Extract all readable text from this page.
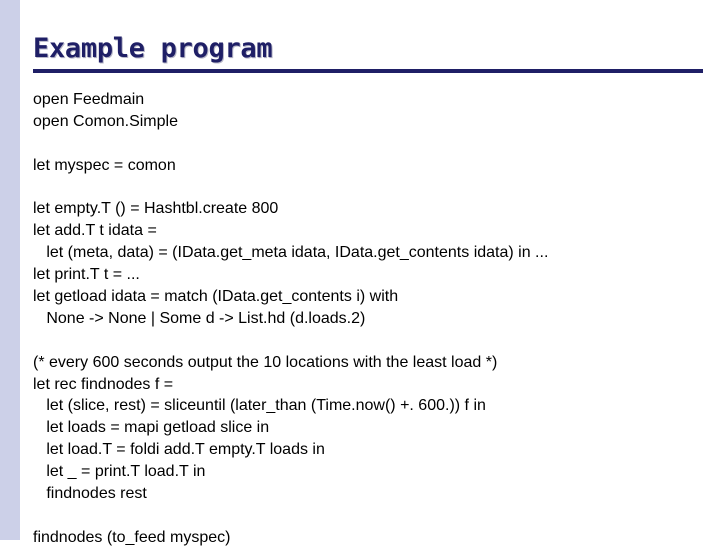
Example program
open Feedmain
open Comon.Simple
let myspec = comon
let empty.T () = Hashtbl.create 800
let add.T t idata =
let (meta, data) = (IData.get_meta idata, IData.get_contents idata) in ...
let print.T t = ...
let getload idata = match (IData.get_contents i) with
None -> None | Some d -> List.hd (d.loads.2)
(* every 600 seconds output the 10 locations with the least load *)
let rec findnodes f =
let (slice, rest) = sliceuntil (later_than (Time.now() +. 600.)) f in
let loads = mapi getload slice in
let load.T = foldi add.T empty.T loads in
let _ = print.T load.T in
findnodes rest
findnodes (to_feed myspec)
